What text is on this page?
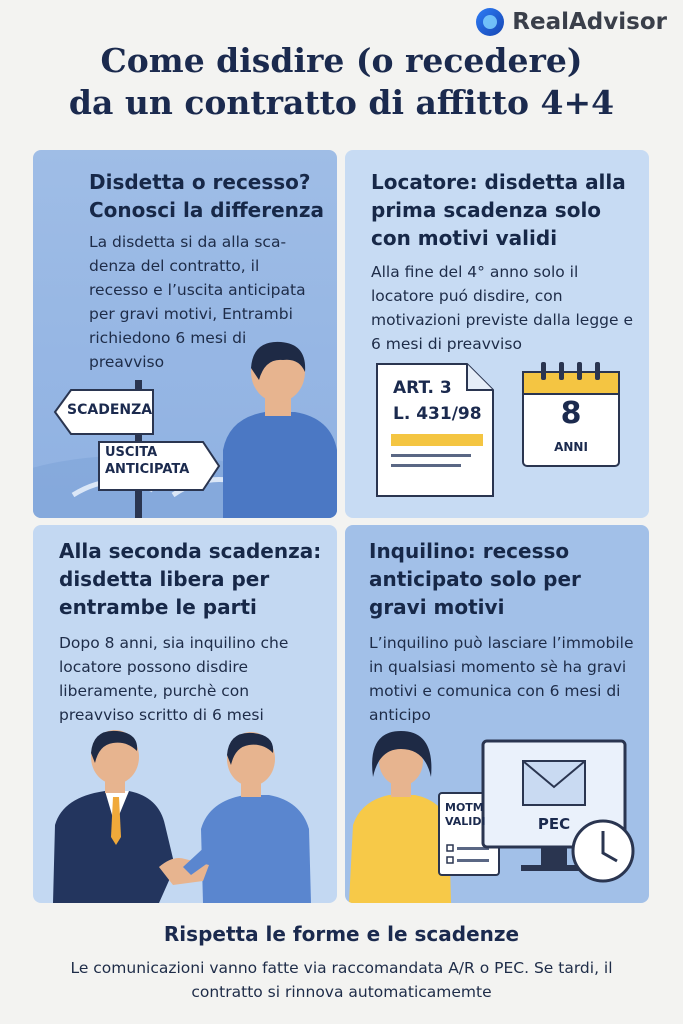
RealAdvisor
Come disdire (o recedere)
da un contratto di affitto 4+4
Disdetta o recesso? Conosci la differenza
La disdetta si da alla sca-denza del contratto, il recesso e l’uscita anticipata per gravi motivi, Entrambi richiedono 6 mesi di preavviso
SCADENZA
USCITA ANTICIPATA
Locatore: disdetta alla prima scadenza solo con motivi validi
Alla fine del 4° anno solo il locatore puó disdire, con motivazioni previste dalla legge e 6 mesi di preavviso
ART. 3
L. 431/98	8
ANNI
Alla seconda scadenza: disdetta libera per entrambe le parti
Dopo 8 anni, sia inquilino che locatore possono disdire liberamente, purchè con preavviso scritto di 6 mesi
Inquilino: recesso anticipato solo per gravi motivi
L’inquilino può lasciare l’immobile in qualsiasi momento sè ha gravi motivi e comunica con 6 mesi di anticipo
MOTM VALIDI	PEC
Rispetta le forme e le scadenze
Le comunicazioni vanno fatte via raccomandata A/R o PEC. Se tardi, il contratto si rinnova automaticamemte
